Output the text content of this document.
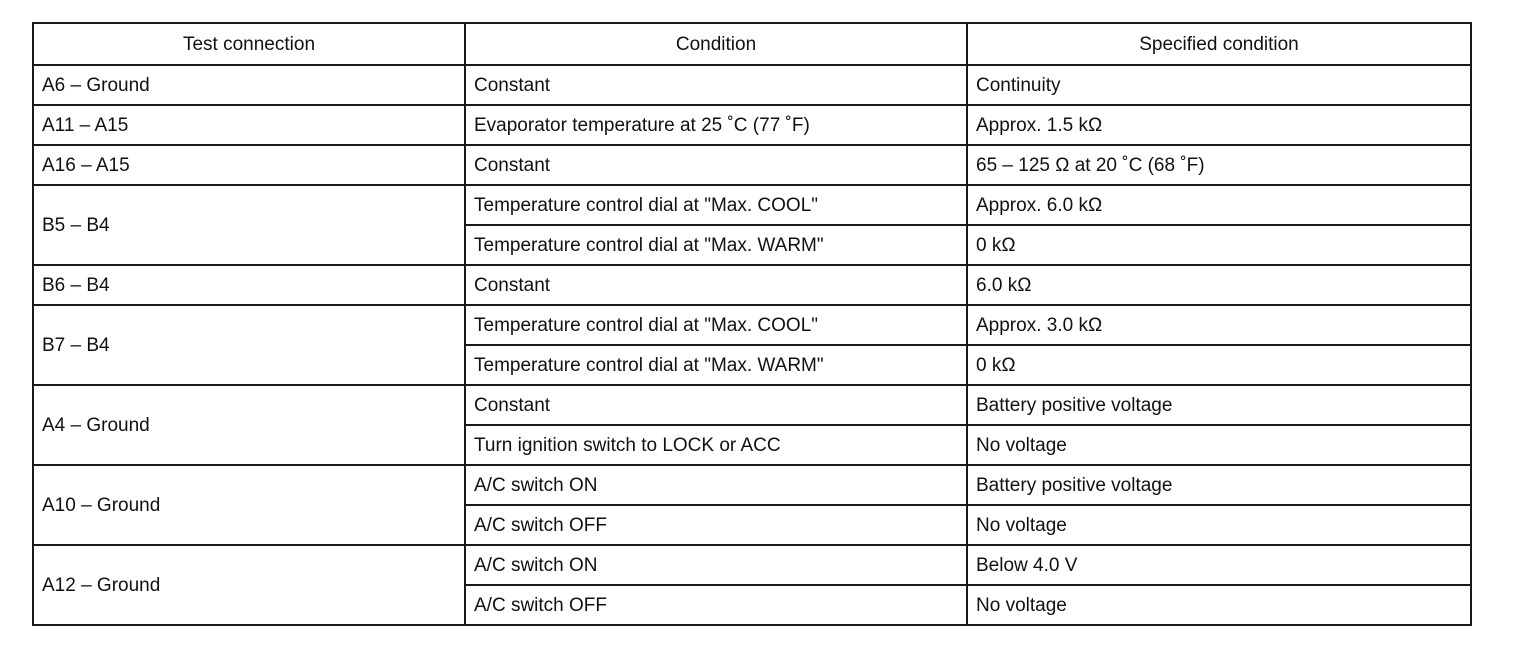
Test connection	Condition	Specified condition
A6 – Ground	Constant	Continuity
A11 – A15	Evaporator temperature at 25 ˚C (77 ˚F)	Approx. 1.5 kΩ
A16 – A15	Constant	65 – 125 Ω at 20 ˚C (68 ˚F)
B5 – B4	Temperature control dial at "Max. COOL"	Approx. 6.0 kΩ
	Temperature control dial at "Max. WARM"	0 kΩ
B6 – B4	Constant	6.0 kΩ
B7 – B4	Temperature control dial at "Max. COOL"	Approx. 3.0 kΩ
	Temperature control dial at "Max. WARM"	0 kΩ
A4 – Ground	Constant	Battery positive voltage
	Turn ignition switch to LOCK or ACC	No voltage
A10 – Ground	A/C switch ON	Battery positive voltage
	A/C switch OFF	No voltage
A12 – Ground	A/C switch ON	Below 4.0 V
	A/C switch OFF	No voltage
